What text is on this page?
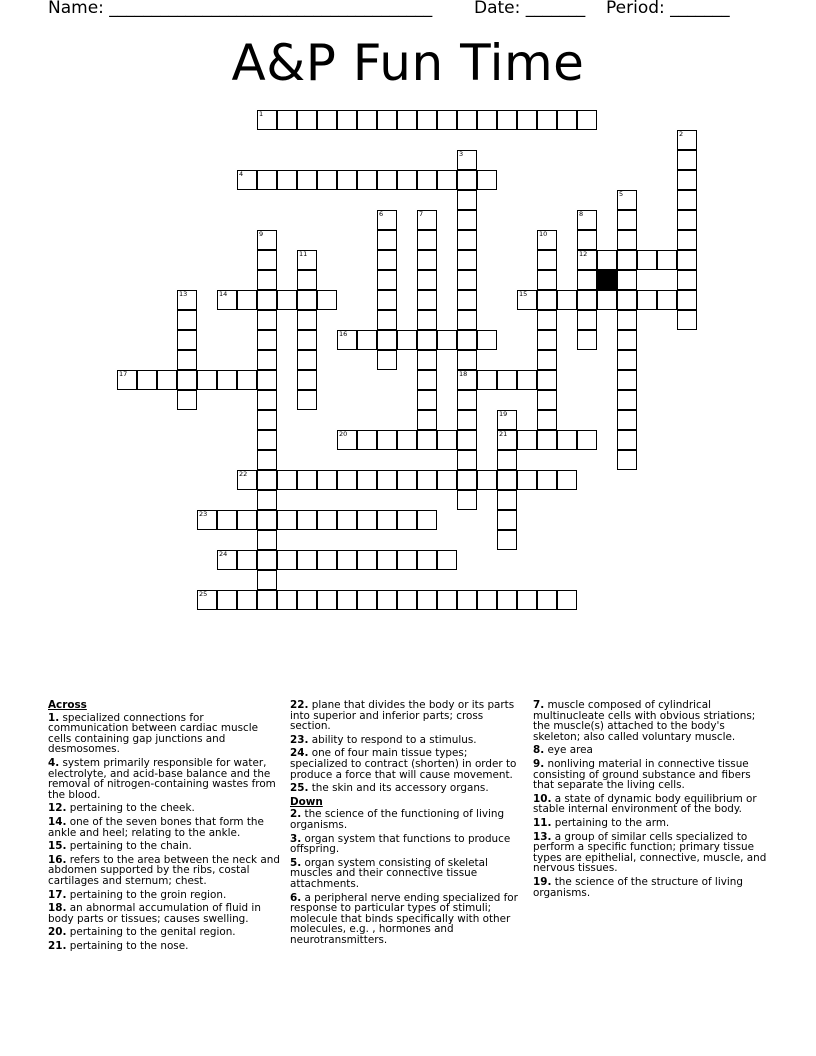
Name: ______________________________________ Date: _______ Period: _______
A&P Fun Time
1
4
12
14	15
16
17	18
20	21
22
23
24
25
2
3
5
6	7	8
9	10
11
13
19
Across
1. specialized connections for communication between cardiac muscle cells containing gap junctions and desmosomes.
4. system primarily responsible for water, electrolyte, and acid-base balance and the removal of nitrogen-containing wastes from the blood.
12. pertaining to the cheek.
14. one of the seven bones that form the ankle and heel; relating to the ankle.
15. pertaining to the chain.
16. refers to the area between the neck and abdomen supported by the ribs, costal cartilages and sternum; chest.
17. pertaining to the groin region.
18. an abnormal accumulation of fluid in body parts or tissues; causes swelling.
20. pertaining to the genital region.
21. pertaining to the nose.
22. plane that divides the body or its parts into superior and inferior parts; cross section.
23. ability to respond to a stimulus.
24. one of four main tissue types; specialized to contract (shorten) in order to produce a force that will cause movement.
25. the skin and its accessory organs.
Down
2. the science of the functioning of living organisms.
3. organ system that functions to produce offspring.
5. organ system consisting of skeletal muscles and their connective tissue attachments.
6. a peripheral nerve ending specialized for response to particular types of stimuli; molecule that binds specifically with other molecules, e.g. , hormones and neurotransmitters.
7. muscle composed of cylindrical multinucleate cells with obvious striations; the muscle(s) attached to the body's skeleton; also called voluntary muscle.
8. eye area
9. nonliving material in connective tissue consisting of ground substance and fibers that separate the living cells.
10. a state of dynamic body equilibrium or stable internal environment of the body.
11. pertaining to the arm.
13. a group of similar cells specialized to perform a specific function; primary tissue types are epithelial, connective, muscle, and nervous tissues.
19. the science of the structure of living organisms.
